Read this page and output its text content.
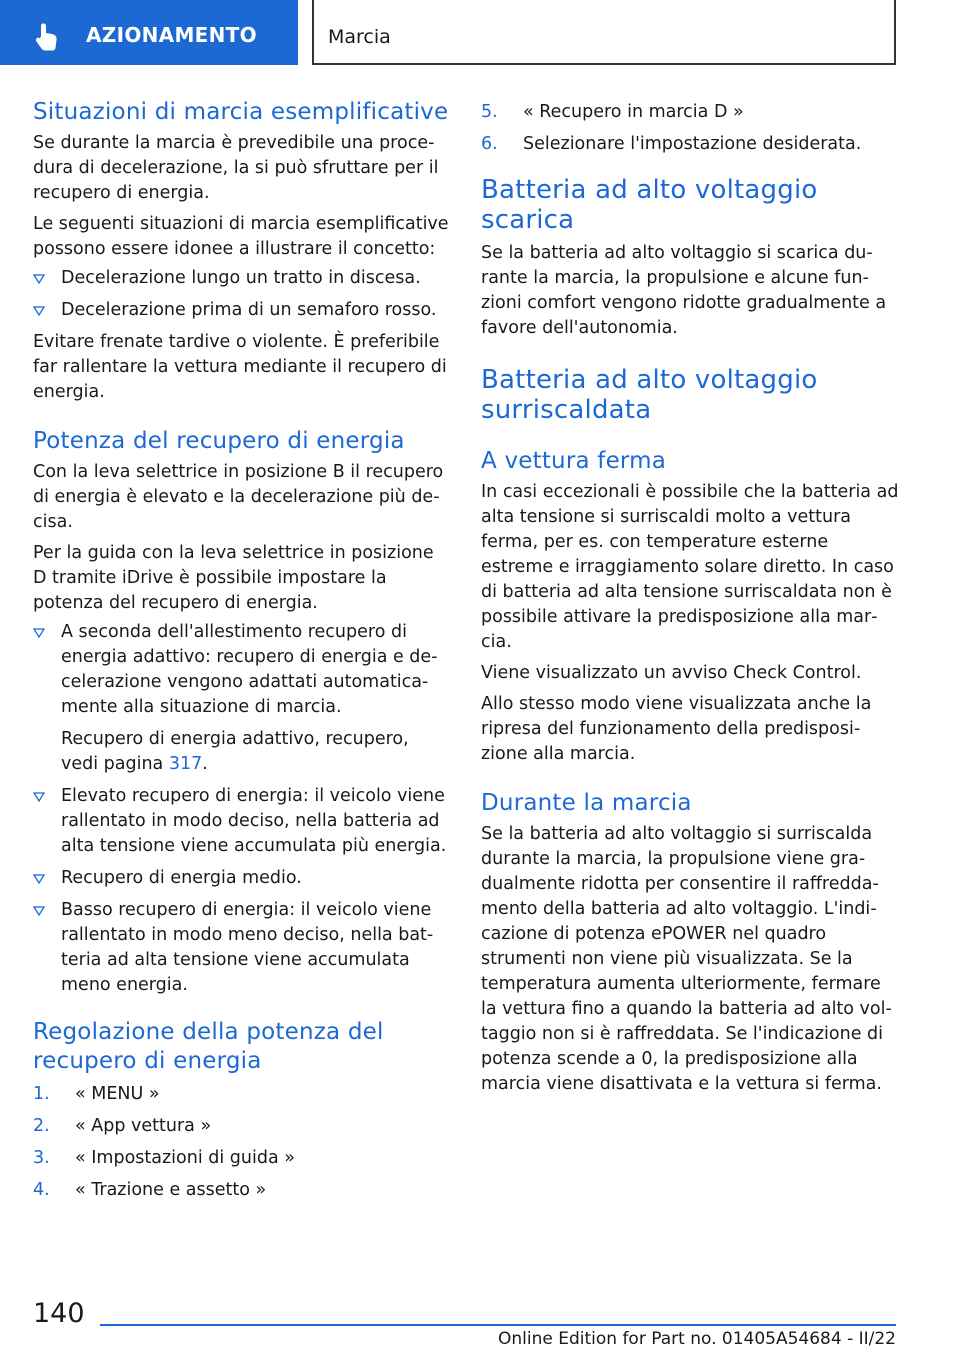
AZIONAMENTO	Marcia
Situazioni di marcia esemplificative

Se durante la marcia è prevedibile una procedura di decelerazione, la si può sfruttare per il recupero di energia.

Le seguenti situazioni di marcia esemplificative possono essere idonee a illustrare il concetto:

Decelerazione lungo un tratto in discesa.
Decelerazione prima di un semaforo rosso.

Evitare frenate tardive o violente. È preferibile far rallentare la vettura mediante il recupero di energia.

Potenza del recupero di energia

Con la leva selettrice in posizione B il recupero di energia è elevato e la decelerazione più decisa.

Per la guida con la leva selettrice in posizione D tramite iDrive è possibile impostare la potenza del recupero di energia.

A seconda dell'allestimento recupero di energia adattivo: recupero di energia e decelerazione vengono adattati automaticamente alla situazione di marcia.

Recupero di energia adattivo, recupero, vedi pagina 317.

Elevato recupero di energia: il veicolo viene rallentato in modo deciso, nella batteria ad alta tensione viene accumulata più energia.
Recupero di energia medio.
Basso recupero di energia: il veicolo viene rallentato in modo meno deciso, nella batteria ad alta tensione viene accumulata meno energia.
Regolazione della potenza del recupero di energia
1. « MENU »
2. « App vettura »
3. « Impostazioni di guida »
4. « Trazione e assetto »
5. « Recupero in marcia D »
6. Selezionare l'impostazione desiderata.
Batteria ad alto voltaggio scarica

Se la batteria ad alto voltaggio si scarica durante la marcia, la propulsione e alcune funzioni comfort vengono ridotte gradualmente a favore dell'autonomia.

Batteria ad alto voltaggio surriscaldata
A vettura ferma

In casi eccezionali è possibile che la batteria ad alta tensione si surriscaldi molto a vettura ferma, per es. con temperature esterne estreme e irraggiamento solare diretto. In caso di batteria ad alta tensione surriscaldata non è possibile attivare la predisposizione alla marcia.

Viene visualizzato un avviso Check Control.

Allo stesso modo viene visualizzata anche la ripresa del funzionamento della predisposizione alla marcia.

Durante la marcia

Se la batteria ad alto voltaggio si surriscalda durante la marcia, la propulsione viene gradualmente ridotta per consentire il raffreddamento della batteria ad alto voltaggio. L'indicazione di potenza ePOWER nel quadro strumenti non viene più visualizzata. Se la temperatura aumenta ulteriormente, fermare la vettura fino a quando la batteria ad alto voltaggio non si è raffreddata. Se l'indicazione di potenza scende a 0, la predisposizione alla marcia viene disattivata e la vettura si ferma.

140
Online Edition for Part no. 01405A54684 - II/22
